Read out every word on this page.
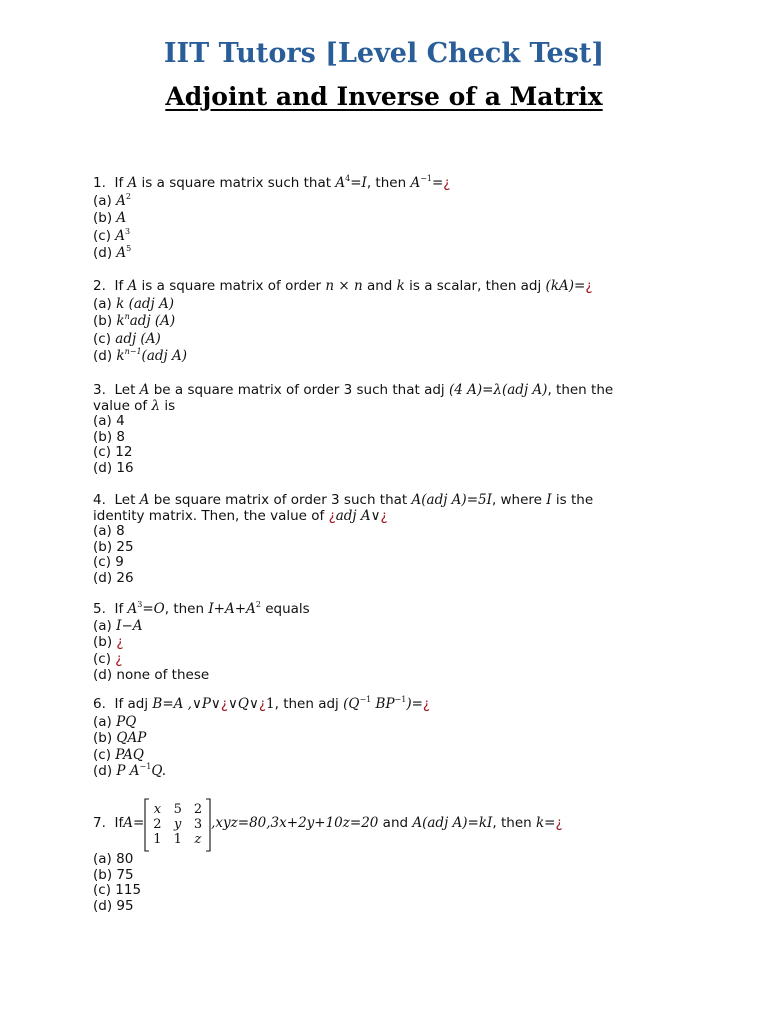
IIT Tutors [Level Check Test]
Adjoint and Inverse of a Matrix
1. If A is a square matrix such that $A^4=I$, then $A^{-1}=¿$
(a) $A^2$
(b) A
(c) $A^3$
(d) $A^5$
2. If A is a square matrix of order n × n and k is a scalar, then adj (kA)=¿
(a) k (adj A)
(b) $k^nadj$ (A)
(c) adj (A)
(d) $k^{n-1}(adj$ A)
3. Let A be a square matrix of order 3 such that adj (4 A)=λ(adj A), then the
value of λ is
(a) 4
(b) 8
(c) 12
(d) 16
4. Let A be square matrix of order 3 such that A(adj A)=5I, where I is the
identity matrix. Then, the value of ¿adj A∨¿
(a) 8
(b) 25
(c) 9
(d) 26
5. If $A^3=O$, then $I+A+A^2$ equals
(a) I−A
(b) ¿
(c) ¿
(d) none of these
6. If adj B=A ,∨P∨¿∨Q∨¿1, then adj ($Q^{-1}$ $BP^{-1})=¿$
(a) PQ
(b) QAP
(c) PAQ
(d) P $A^{-1}Q$.
7.
If A=
x	5	2
2	y	3
1	1	z
,xyz=80,3x+2y+10z=20 and A(adj A)=kI , then k= ¿
(a) 80
(b) 75
(c) 115
(d) 95
